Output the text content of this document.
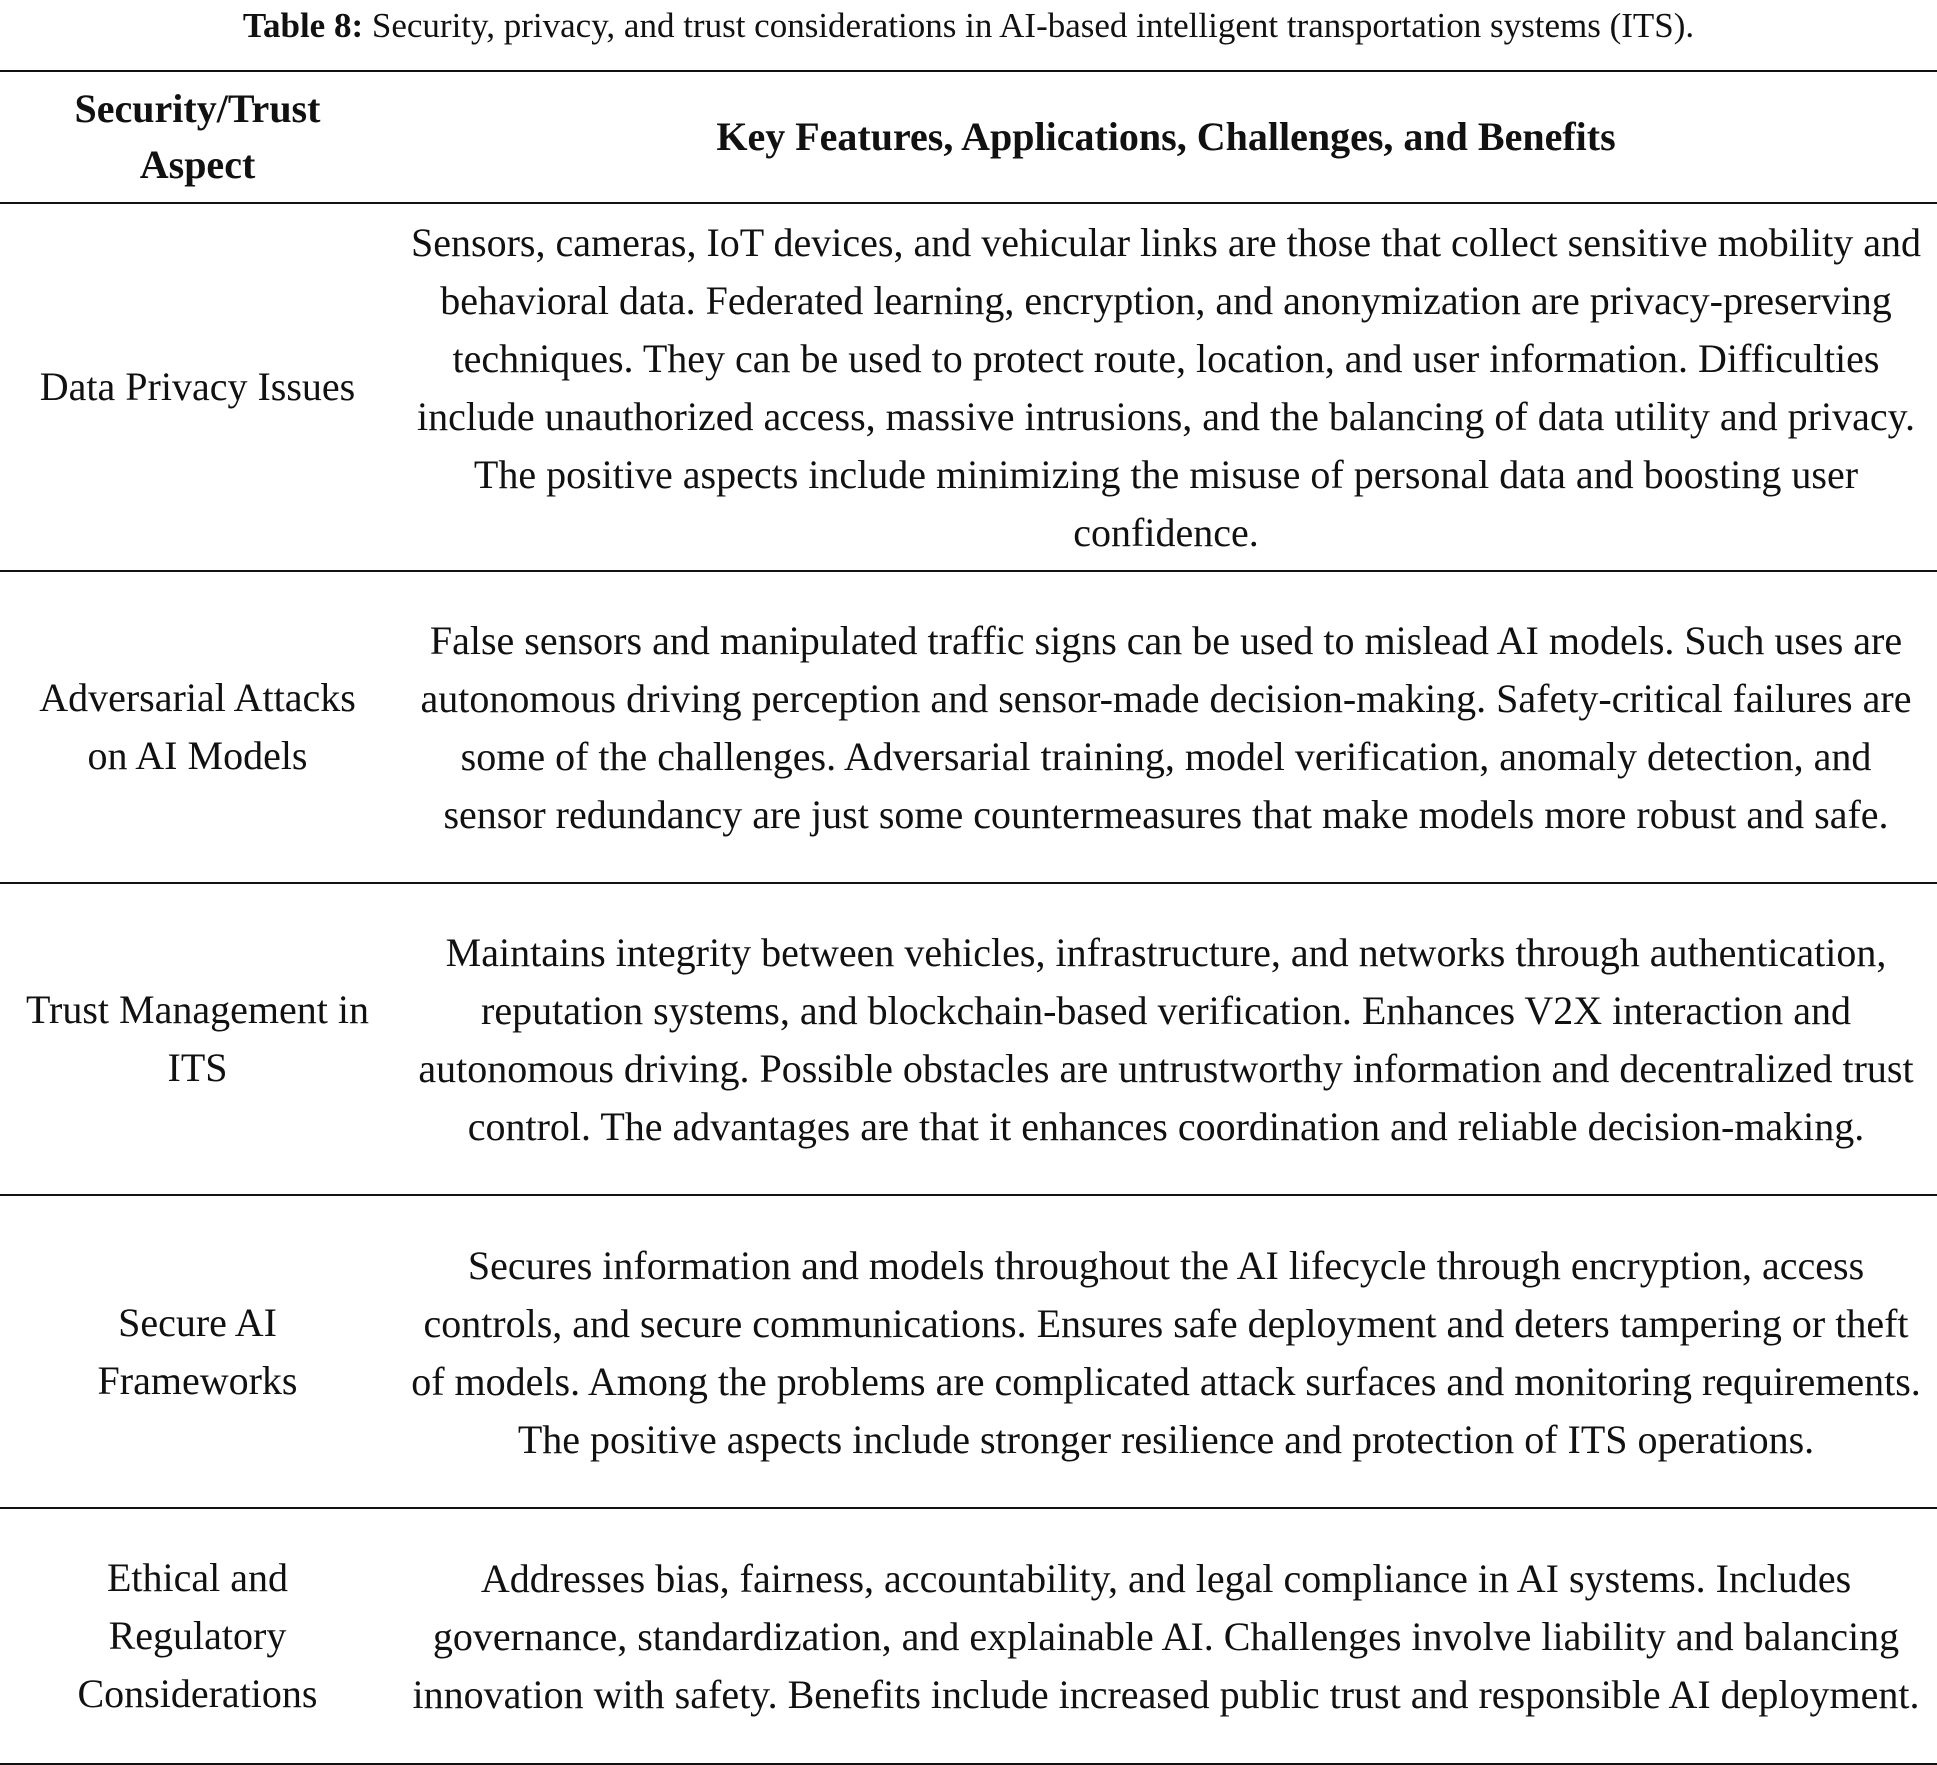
Table 8: Security, privacy, and trust considerations in AI-based intelligent transportation systems (ITS).
Security/Trust Aspect	Key Features, Applications, Challenges, and Benefits
Data Privacy Issues	Sensors, cameras, IoT devices, and vehicular links are those that collect sensitive mobility and behavioral data. Federated learning, encryption, and anonymization are privacy-preserving techniques. They can be used to protect route, location, and user information. Difficulties include unauthorized access, massive intrusions, and the balancing of data utility and privacy. The positive aspects include minimizing the misuse of personal data and boosting user confidence.
Adversarial Attacks on AI Models	False sensors and manipulated traffic signs can be used to mislead AI models. Such uses are autonomous driving perception and sensor-made decision-making. Safety-critical failures are some of the challenges. Adversarial training, model verification, anomaly detection, and sensor redundancy are just some countermeasures that make models more robust and safe.
Trust Management in ITS	Maintains integrity between vehicles, infrastructure, and networks through authentication, reputation systems, and blockchain-based verification. Enhances V2X interaction and autonomous driving. Possible obstacles are untrustworthy information and decentralized trust control. The advantages are that it enhances coordination and reliable decision-making.
Secure AI Frameworks	Secures information and models throughout the AI lifecycle through encryption, access controls, and secure communications. Ensures safe deployment and deters tampering or theft of models. Among the problems are complicated attack surfaces and monitoring requirements. The positive aspects include stronger resilience and protection of ITS operations.
Ethical and Regulatory Considerations	Addresses bias, fairness, accountability, and legal compliance in AI systems. Includes governance, standardization, and explainable AI. Challenges involve liability and balancing innovation with safety. Benefits include increased public trust and responsible AI deployment.
